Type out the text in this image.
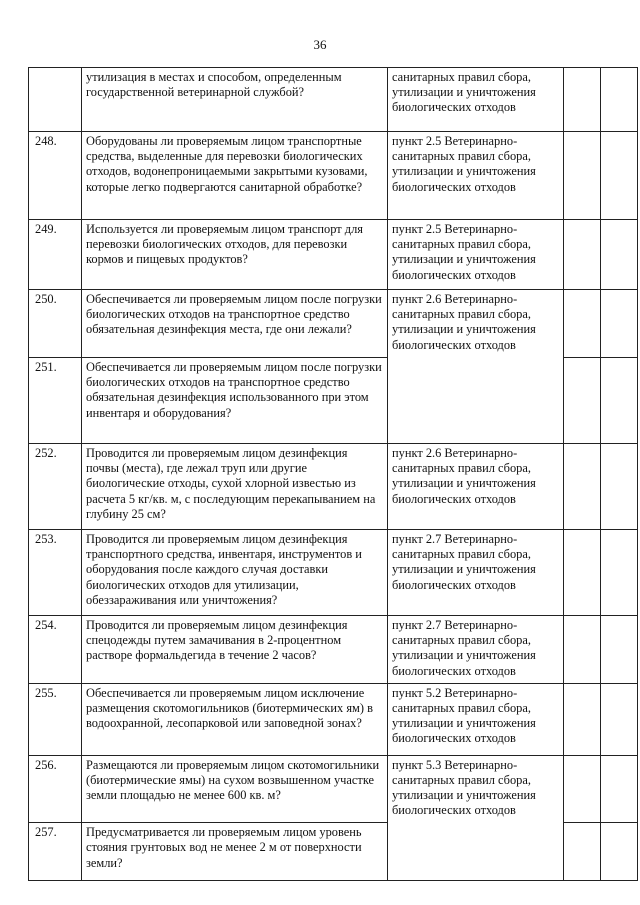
36
	утилизация в местах и способом, определенным государственной ветеринарной службой?	санитарных правил сбора, утилизации и уничтожения биологических отходов		
248.	Оборудованы ли проверяемым лицом транспортные средства, выделенные для перевозки биологических отходов, водонепроницаемыми закрытыми кузовами, которые легко подвергаются санитарной обработке?	пункт 2.5 Ветеринарно-санитарных правил сбора, утилизации и уничтожения биологических отходов		
249.	Используется ли проверяемым лицом транспорт для перевозки биологических отходов, для перевозки кормов и пищевых продуктов?	пункт 2.5 Ветеринарно-санитарных правил сбора, утилизации и уничтожения биологических отходов		
250.	Обеспечивается ли проверяемым лицом после погрузки биологических отходов на транспортное средство обязательная дезинфекция места, где они лежали?	пункт 2.6 Ветеринарно-санитарных правил сбора, утилизации и уничтожения биологических отходов		
251.	Обеспечивается ли проверяемым лицом после погрузки биологических отходов на транспортное средство обязательная дезинфекция использованного при этом инвентаря и оборудования?			
252.	Проводится ли проверяемым лицом дезинфекция почвы (места), где лежал труп или другие биологические отходы, сухой хлорной известью из расчета 5 кг/кв. м, с последующим перекапыванием на глубину 25 см?	пункт 2.6 Ветеринарно-санитарных правил сбора, утилизации и уничтожения биологических отходов		
253.	Проводится ли проверяемым лицом дезинфекция транспортного средства, инвентаря, инструментов и оборудования после каждого случая доставки биологических отходов для утилизации, обеззараживания или уничтожения?	пункт 2.7 Ветеринарно-санитарных правил сбора, утилизации и уничтожения биологических отходов		
254.	Проводится ли проверяемым лицом дезинфекция спецодежды путем замачивания в 2-процентном растворе формальдегида в течение 2 часов?	пункт 2.7 Ветеринарно-санитарных правил сбора, утилизации и уничтожения биологических отходов		
255.	Обеспечивается ли проверяемым лицом исключение размещения скотомогильников (биотермических ям) в водоохранной, лесопарковой или заповедной зонах?	пункт 5.2 Ветеринарно-санитарных правил сбора, утилизации и уничтожения биологических отходов		
256.	Размещаются ли проверяемым лицом скотомогильники (биотермические ямы) на сухом возвышенном участке земли площадью не менее 600 кв. м?	пункт 5.3 Ветеринарно-санитарных правил сбора, утилизации и уничтожения биологических отходов		
257.	Предусматривается ли проверяемым лицом уровень стояния грунтовых вод не менее 2 м от поверхности земли?			
